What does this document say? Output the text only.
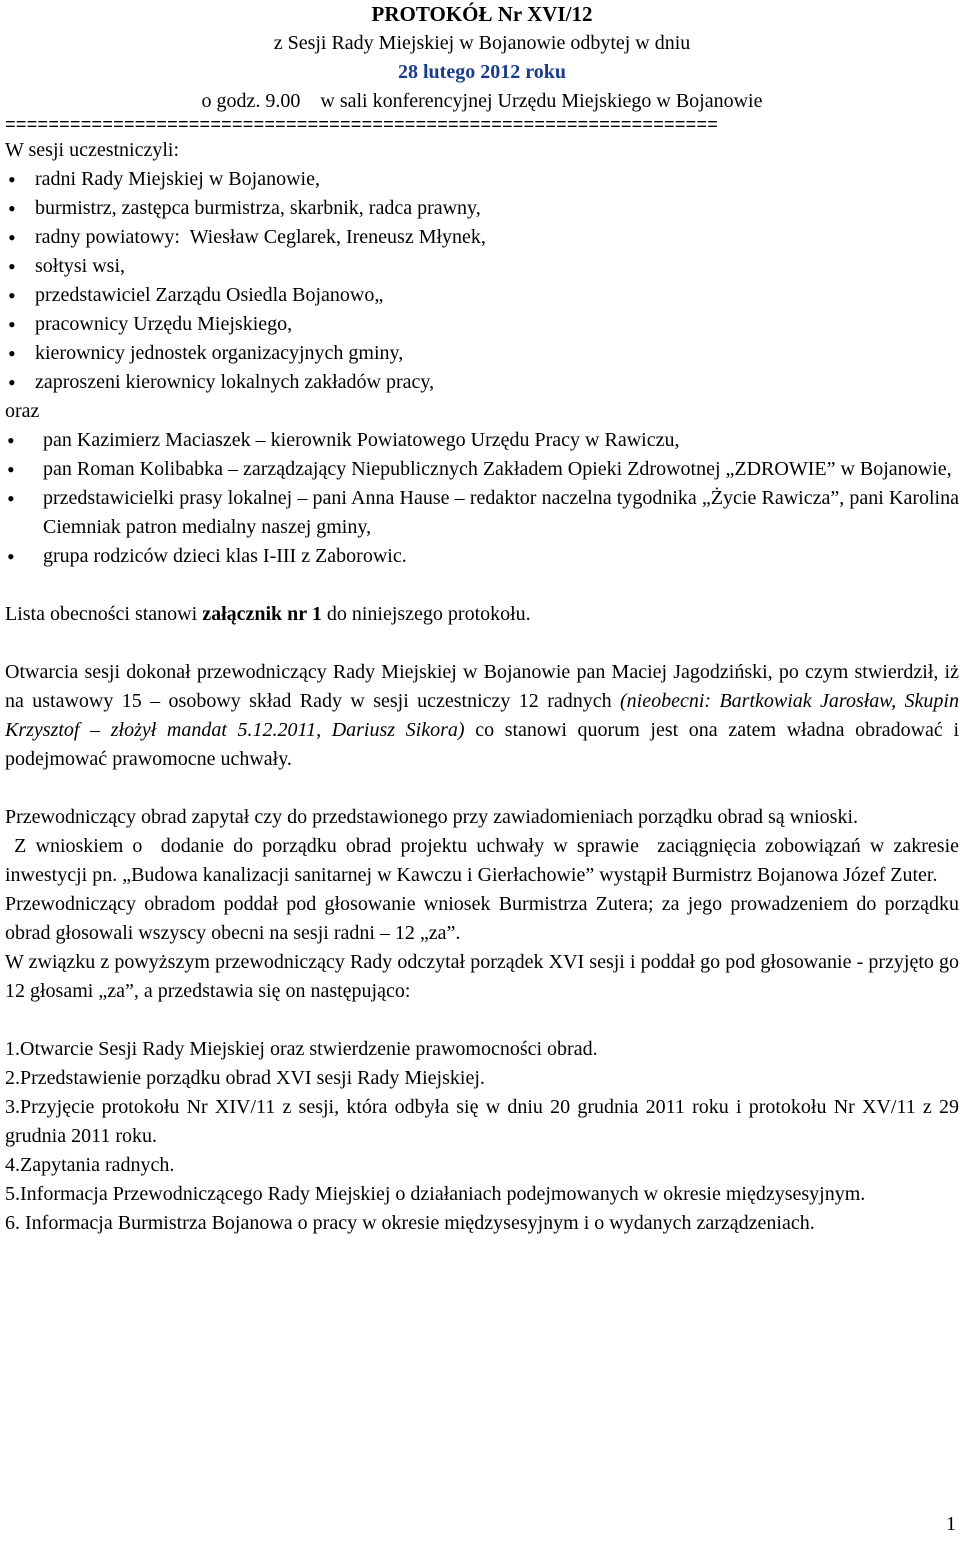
PROTOKÓŁ Nr XVI/12
z Sesji Rady Miejskiej w Bojanowie odbytej w dniu
28 lutego 2012 roku
o godz. 9.00    w sali konferencyjnej Urzędu Miejskiego w Bojanowie
==================================================================
W sesji uczestniczyli:
• radni Rady Miejskiej w Bojanowie,
• burmistrz, zastępca burmistrza, skarbnik, radca prawny,
• radny powiatowy:  Wiesław Ceglarek, Ireneusz Młynek,
• sołtysi wsi,
• przedstawiciel Zarządu Osiedla Bojanowo„
• pracownicy Urzędu Miejskiego,
• kierownicy jednostek organizacyjnych gminy,
• zaproszeni kierownicy lokalnych zakładów pracy,
oraz
• pan Kazimierz Maciaszek – kierownik Powiatowego Urzędu Pracy w Rawiczu,
• pan Roman Kolibabka – zarządzający Niepublicznych Zakładem Opieki Zdrowotnej „ZDROWIE” w Bojanowie,
• przedstawicielki prasy lokalnej – pani Anna Hause – redaktor naczelna tygodnika „Życie Rawicza”, pani Karolina Ciemniak patron medialny naszej gminy,
• grupa rodziców dzieci klas I-III z Zaborowic.

Lista obecności stanowi załącznik nr 1 do niniejszego protokołu.

Otwarcia sesji dokonał przewodniczący Rady Miejskiej w Bojanowie pan Maciej Jagodziński, po czym stwierdził, iż na ustawowy 15 – osobowy skład Rady w sesji uczestniczy 12 radnych (nieobecni: Bartkowiak Jarosław, Skupin Krzysztof – złożył mandat 5.12.2011, Dariusz Sikora) co stanowi quorum jest ona zatem władna obradować i podejmować prawomocne uchwały.

Przewodniczący obrad zapytał czy do przedstawionego przy zawiadomieniach porządku obrad są wnioski.

Z wnioskiem o  dodanie do porządku obrad projektu uchwały w sprawie  zaciągnięcia zobowiązań w zakresie inwestycji pn. „Budowa kanalizacji sanitarnej w Kawczu i Gierłachowie” wystąpił Burmistrz Bojanowa Józef Zuter.

Przewodniczący obradom poddał pod głosowanie wniosek Burmistrza Zutera; za jego prowadzeniem do porządku obrad głosowali wszyscy obecni na sesji radni – 12 „za”.

W związku z powyższym przewodniczący Rady odczytał porządek XVI sesji i poddał go pod głosowanie - przyjęto go 12 głosami „za”, a przedstawia się on następująco:

1.Otwarcie Sesji Rady Miejskiej oraz stwierdzenie prawomocności obrad.

2.Przedstawienie porządku obrad XVI sesji Rady Miejskiej.

3.Przyjęcie protokołu Nr XIV/11 z sesji, która odbyła się w dniu 20 grudnia 2011 roku i protokołu Nr XV/11 z 29 grudnia 2011 roku.

4.Zapytania radnych.

5.Informacja Przewodniczącego Rady Miejskiej o działaniach podejmowanych w okresie międzysesyjnym.

6. Informacja Burmistrza Bojanowa o pracy w okresie międzysesyjnym i o wydanych zarządzeniach.

1
